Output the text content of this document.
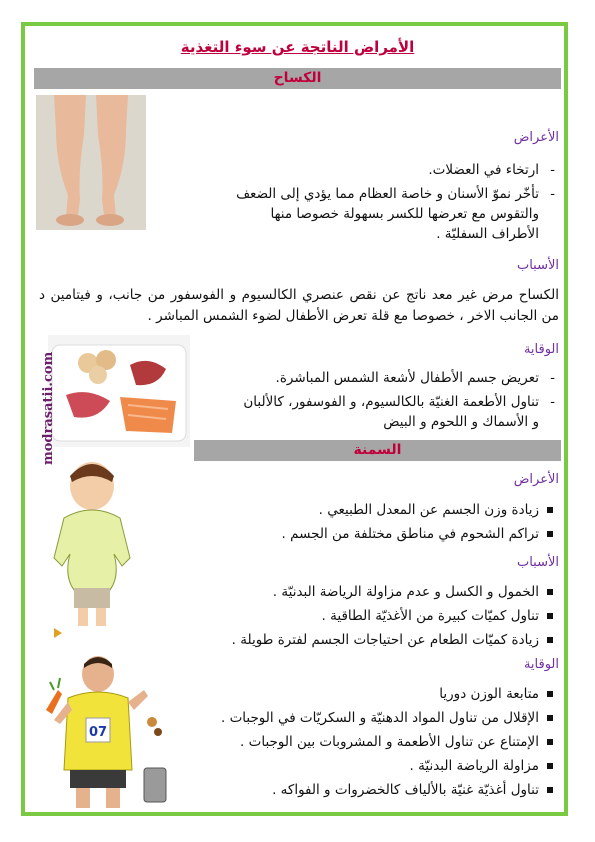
الأمراض الناتجة عن سوء التغذية
الكساح
الأعراض
- ارتخاء في العضلات.
- تأخّر نموّ الأسنان و خاصة العظام مما يؤدي إلى الضعف والتقوس مع تعرضها للكسر بسهولة خصوصا منها الأطراف السفليّة .
الأسباب
الكساح مرض غير معد ناتج عن نقص عنصري الكالسيوم و الفوسفور من جانب، و فيتامين د من الجانب الاخر ، خصوصا مع قلة تعرض الأطفال لضوء الشمس المباشر .
الوقاية
- تعريض جسم الأطفال لأشعة الشمس المباشرة.
- تناول الأطعمة الغنيّة بالكالسيوم، و الفوسفور، كالألبان و الأسماك و اللحوم و البيض
modrasatii.com	السمنة
الأعراض
زيادة وزن الجسم عن المعدل الطبيعي .
تراكم الشحوم في مناطق مختلفة من الجسم .
الأسباب
الخمول و الكسل و عدم مزاولة الرياضة البدنيّة .
تناول كميّات كبيرة من الأغذيّة الطاقية .
زيادة كميّات الطعام عن احتياجات الجسم لفترة طويلة .
07
الوقاية
متابعة الوزن دوريا
الإقلال من تناول المواد الدهنيّة و السكريّات في الوجبات .
الإمتناع عن تناول الأطعمة و المشروبات بين الوجبات .
مزاولة الرياضة البدنيّة .
تناول أغذيّة غنيّة بالألياف كالخضروات و الفواكه .
